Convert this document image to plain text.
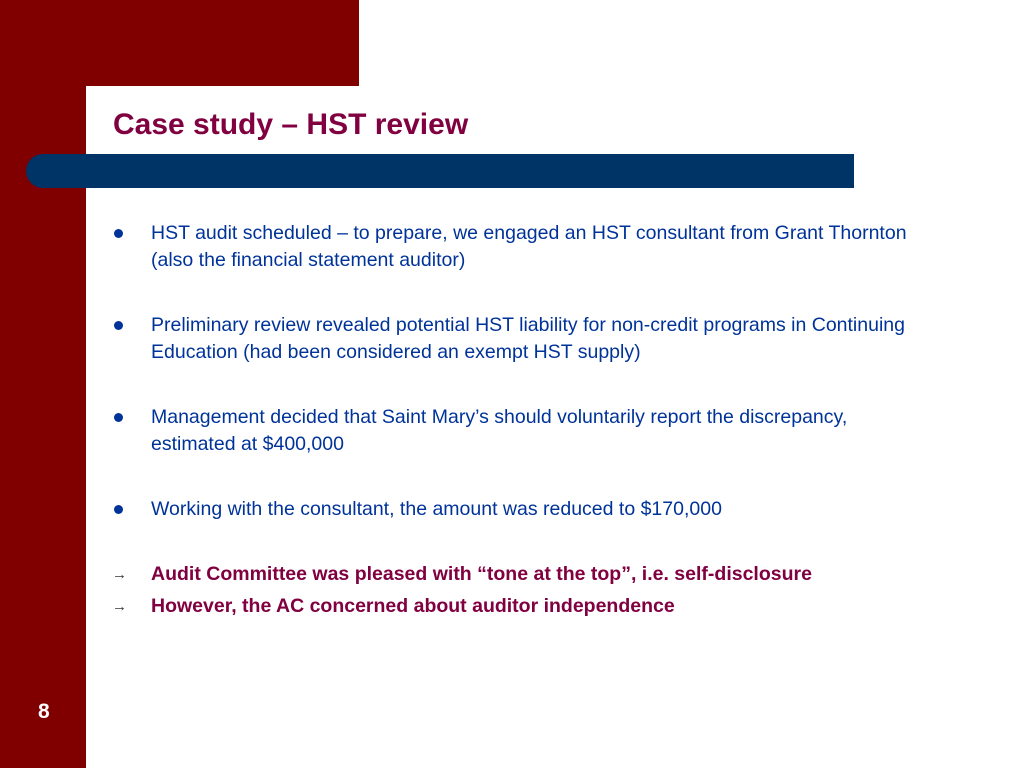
Case study – HST review
HST audit scheduled – to prepare, we engaged an HST consultant from Grant Thornton (also the financial statement auditor)
Preliminary review revealed potential HST liability for non-credit programs in Continuing Education (had been considered an exempt HST supply)
Management decided that Saint Mary’s should voluntarily report the discrepancy, estimated at $400,000
Working with the consultant, the amount was reduced to $170,000
→ Audit Committee was pleased with “tone at the top”, i.e. self-disclosure
→ However, the AC concerned about auditor independence
8
